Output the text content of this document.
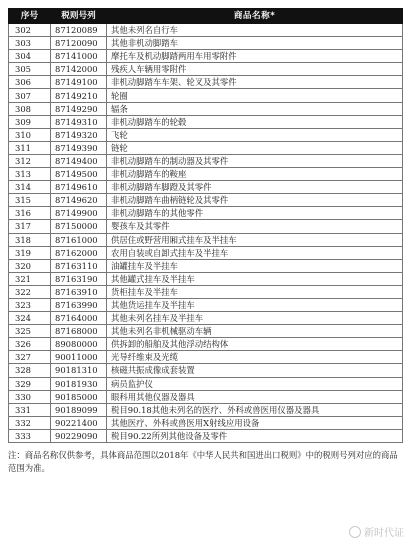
序号	税则号列	商品名称*
302	87120089	其他未列名自行车
303	87120090	其他非机动脚踏车
304	87141000	摩托车及机动脚踏两用车用零附件
305	87142000	残疾人车辆用零附件
306	87149100	非机动脚踏车车架、轮叉及其零件
307	87149210	轮圈
308	87149290	辐条
309	87149310	非机动脚踏车的轮毂
310	87149320	飞轮
311	87149390	链轮
312	87149400	非机动脚踏车的制动器及其零件
313	87149500	非机动脚踏车的鞍座
314	87149610	非机动脚踏车脚蹬及其零件
315	87149620	非机动脚踏车曲柄链轮及其零件
316	87149900	非机动脚踏车的其他零件
317	87150000	婴孩车及其零件
318	87161000	供居住或野营用厢式挂车及半挂车
319	87162000	农用自装或自卸式挂车及半挂车
320	87163110	油罐挂车及半挂车
321	87163190	其他罐式挂车及半挂车
322	87163910	货柜挂车及半挂车
323	87163990	其他货运挂车及半挂车
324	87164000	其他未列名挂车及半挂车
325	87168000	其他未列名非机械驱动车辆
326	89080000	供拆卸的船舶及其他浮动结构体
327	90011000	光导纤维束及光缆
328	90181310	核磁共振成像成套装置
329	90181930	病员监护仪
330	90185000	眼科用其他仪器及器具
331	90189099	税目90.18其他未列名的医疗、外科或兽医用仪器及器具
332	90221400	其他医疗、外科或兽医用X射线应用设备
333	90229090	税目90.22所列其他设备及零件
注：商品名称仅供参考，具体商品范围以2018年《中华人民共和国进出口税则》中的税则号列对应的商品范围为准。
新时代证
